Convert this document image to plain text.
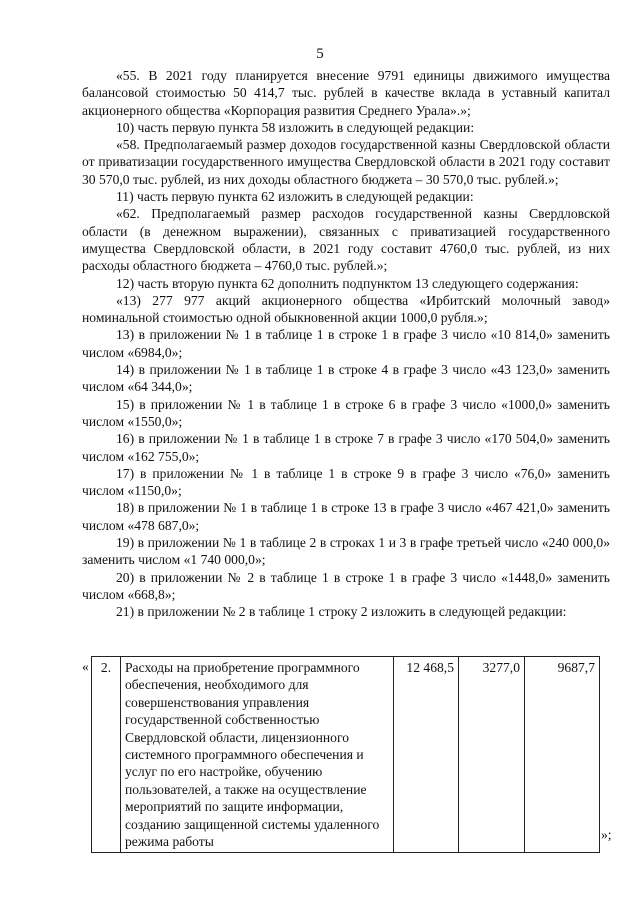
5

«55. В 2021 году планируется внесение 9791 единицы движимого имущества балансовой стоимостью 50 414,7 тыс. рублей в качестве вклада в уставный капитал акционерного общества «Корпорация развития Среднего Урала».»;

10) часть первую пункта 58 изложить в следующей редакции:

«58. Предполагаемый размер доходов государственной казны Свердловской области от приватизации государственного имущества Свердловской области в 2021 году составит 30 570,0 тыс. рублей, из них доходы областного бюджета – 30 570,0 тыс. рублей.»;

11) часть первую пункта 62 изложить в следующей редакции:

«62. Предполагаемый размер расходов государственной казны Свердловской области (в денежном выражении), связанных с приватизацией государственного имущества Свердловской области, в 2021 году составит 4760,0 тыс. рублей, из них расходы областного бюджета – 4760,0 тыс. рублей.»;

12) часть вторую пункта 62 дополнить подпунктом 13 следующего содержания:

«13) 277 977 акций акционерного общества «Ирбитский молочный завод» номинальной стоимостью одной обыкновенной акции 1000,0 рубля.»;

13) в приложении № 1 в таблице 1 в строке 1 в графе 3 число «10 814,0» заменить числом «6984,0»;

14) в приложении № 1 в таблице 1 в строке 4 в графе 3 число «43 123,0» заменить числом «64 344,0»;

15) в приложении № 1 в таблице 1 в строке 6 в графе 3 число «1000,0» заменить числом «1550,0»;

16) в приложении № 1 в таблице 1 в строке 7 в графе 3 число «170 504,0» заменить числом «162 755,0»;

17) в приложении № 1 в таблице 1 в строке 9 в графе 3 число «76,0» заменить числом «1150,0»;

18) в приложении № 1 в таблице 1 в строке 13 в графе 3 число «467 421,0» заменить числом «478 687,0»;

19) в приложении № 1 в таблице 2 в строках 1 и 3 в графе третьей число «240 000,0» заменить числом «1 740 000,0»;

20) в приложении № 2 в таблице 1 в строке 1 в графе 3 число «1448,0» заменить числом «668,8»;

21) в приложении № 2 в таблице 1 строку 2 изложить в следующей редакции:

« 2.	Расходы на приобретение программного обеспечения, необходимого для совершенствования управления государственной собственностью Свердловской области, лицензионного системного программного обеспечения и услуг по его настройке, обучению пользователей, а также на осуществление мероприятий по защите информации, созданию защищенной системы удаленного режима работы	12 468,5	3277,0	9687,7
»;
